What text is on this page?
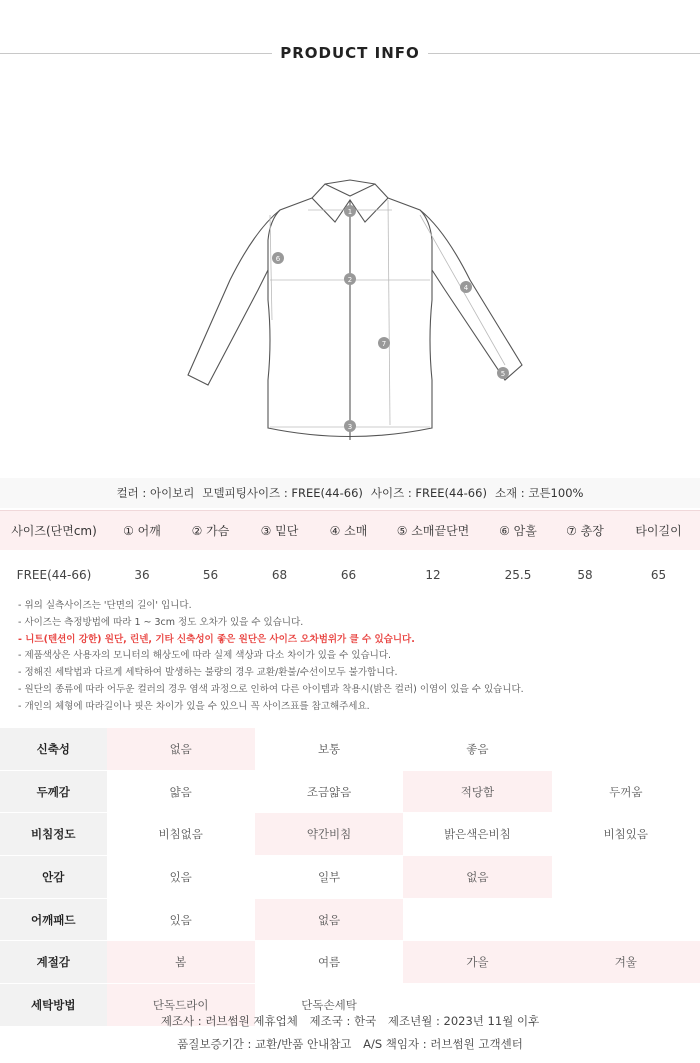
PRODUCT INFO
1
2
3
4
5
6
7
컬러 : 아이보리 모델피팅사이즈 : FREE(44-66) 사이즈 : FREE(44-66) 소재 : 코튼100%
사이즈(단면cm)	① 어깨	② 가슴	③ 밑단	④ 소매	⑤ 소매끝단면	⑥ 암홀	⑦ 총장	타이길이
FREE(44-66)	36	56	68	66	12	25.5	58	65
- 위의 실측사이즈는 '단면의 길이' 입니다.
- 사이즈는 측정방법에 따라 1 ~ 3cm 정도 오차가 있을 수 있습니다.
- 니트(텐션이 강한) 원단, 린넨, 기타 신축성이 좋은 원단은 사이즈 오차범위가 클 수 있습니다.
- 제품색상은 사용자의 모니터의 해상도에 따라 실제 색상과 다소 차이가 있을 수 있습니다.
- 정해진 세탁법과 다르게 세탁하여 발생하는 불량의 경우 교환/환불/수선이모두 불가합니다.
- 원단의 종류에 따라 어두운 컬러의 경우 염색 과정으로 인하여 다른 아이템과 착용시(밝은 컬러) 이염이 있을 수 있습니다.
- 개인의 체형에 따라길이나 핏은 차이가 있을 수 있으니 꼭 사이즈표를 참고해주세요.
신축성	없음	보통	좋음	
두께감	얇음	조금얇음	적당함	두꺼움
비침정도	비침없음	약간비침	밝은색은비침	비침있음
안감	있음	일부	없음	
어깨패드	있음	없음		
계절감	봄	여름	가을	겨울
세탁방법	단독드라이	단독손세탁		
제조사 : 러브썸원 제휴업체 제조국 : 한국 제조년월 : 2023년 11월 이후
품질보증기간 : 교환/반품 안내참고 A/S 책임자 : 러브썸원 고객센터
